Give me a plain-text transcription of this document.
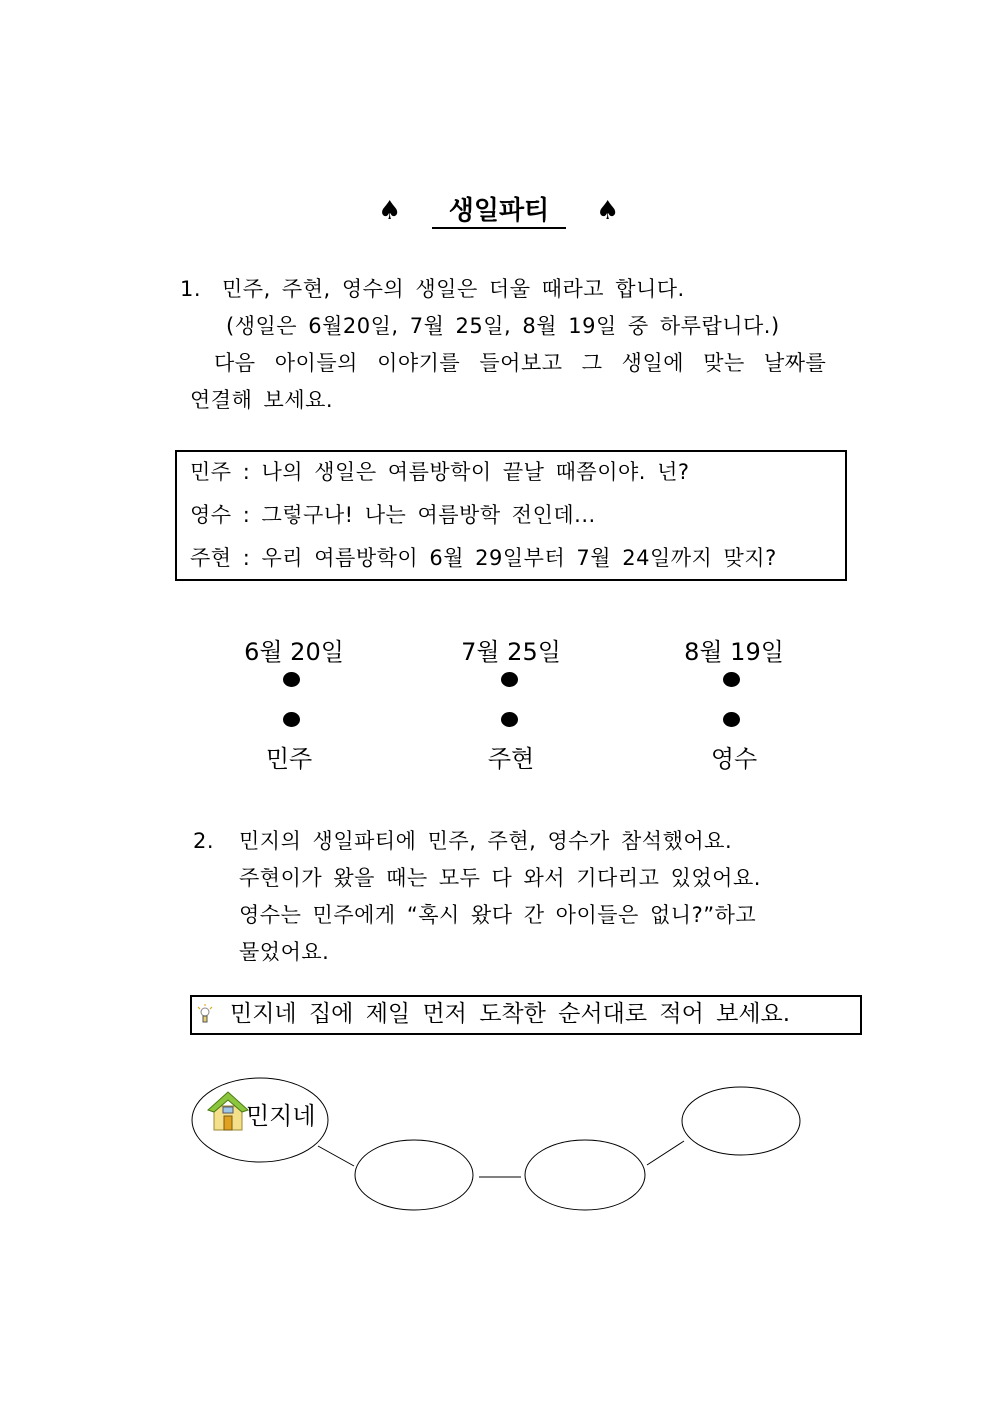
♠	생일파티	♠
1. 민주, 주현, 영수의 생일은 더울 때라고 합니다.
(생일은 6월20일, 7월 25일, 8월 19일 중 하루랍니다.)
다음 아이들의 이야기를 들어보고 그 생일에 맞는 날짜를
연결해 보세요.
민주 : 나의 생일은 여름방학이 끝날 때쯤이야. 넌?
영수 : 그렇구나! 나는 여름방학 전인데...
주현 : 우리 여름방학이 6월 29일부터 7월 24일까지 맞지?
6월 20일	7월 25일	8월 19일
민주	주현	영수
2. 민지의 생일파티에 민주, 주현, 영수가 참석했어요.
주현이가 왔을 때는 모두 다 와서 기다리고 있었어요.
영수는 민주에게 “혹시 왔다 간 아이들은 없니?”하고
물었어요.
민지네 집에 제일 먼저 도착한 순서대로 적어 보세요.
민지네
